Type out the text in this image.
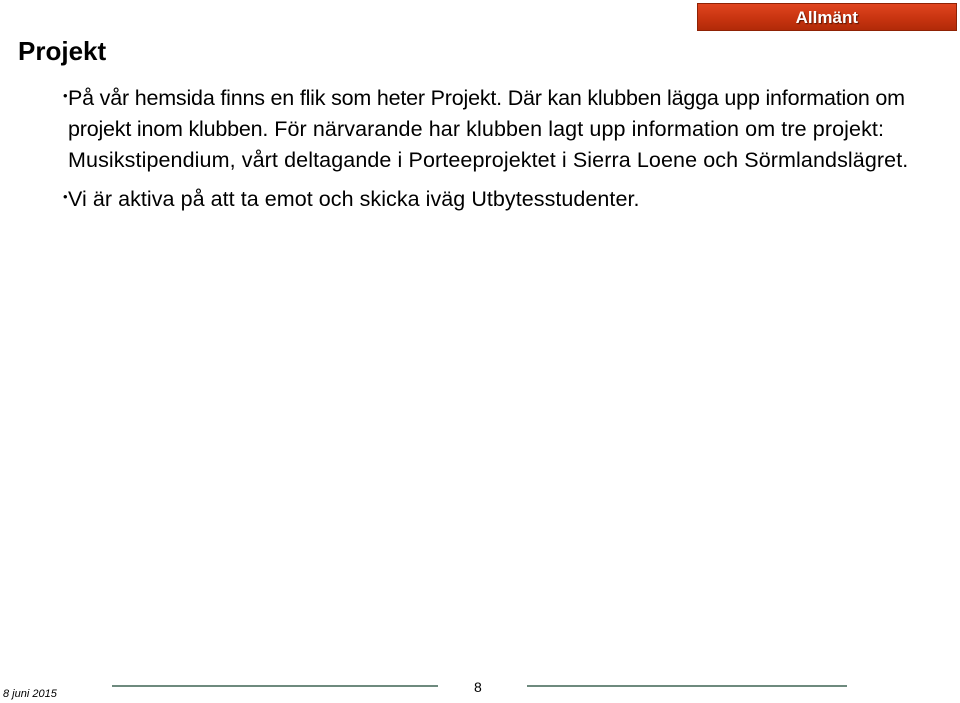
Allmänt
Projekt
• På vår hemsida finns en flik som heter Projekt. Där kan klubben lägga upp information om projekt inom klubben. För närvarande har klubben lagt upp information om tre projekt: Musikstipendium, vårt deltagande i Porteeprojektet i Sierra Loene och Sörmlandslägret.
• Vi är aktiva på att ta emot och skicka iväg Utbytesstudenter.
8 juni 2015	8
